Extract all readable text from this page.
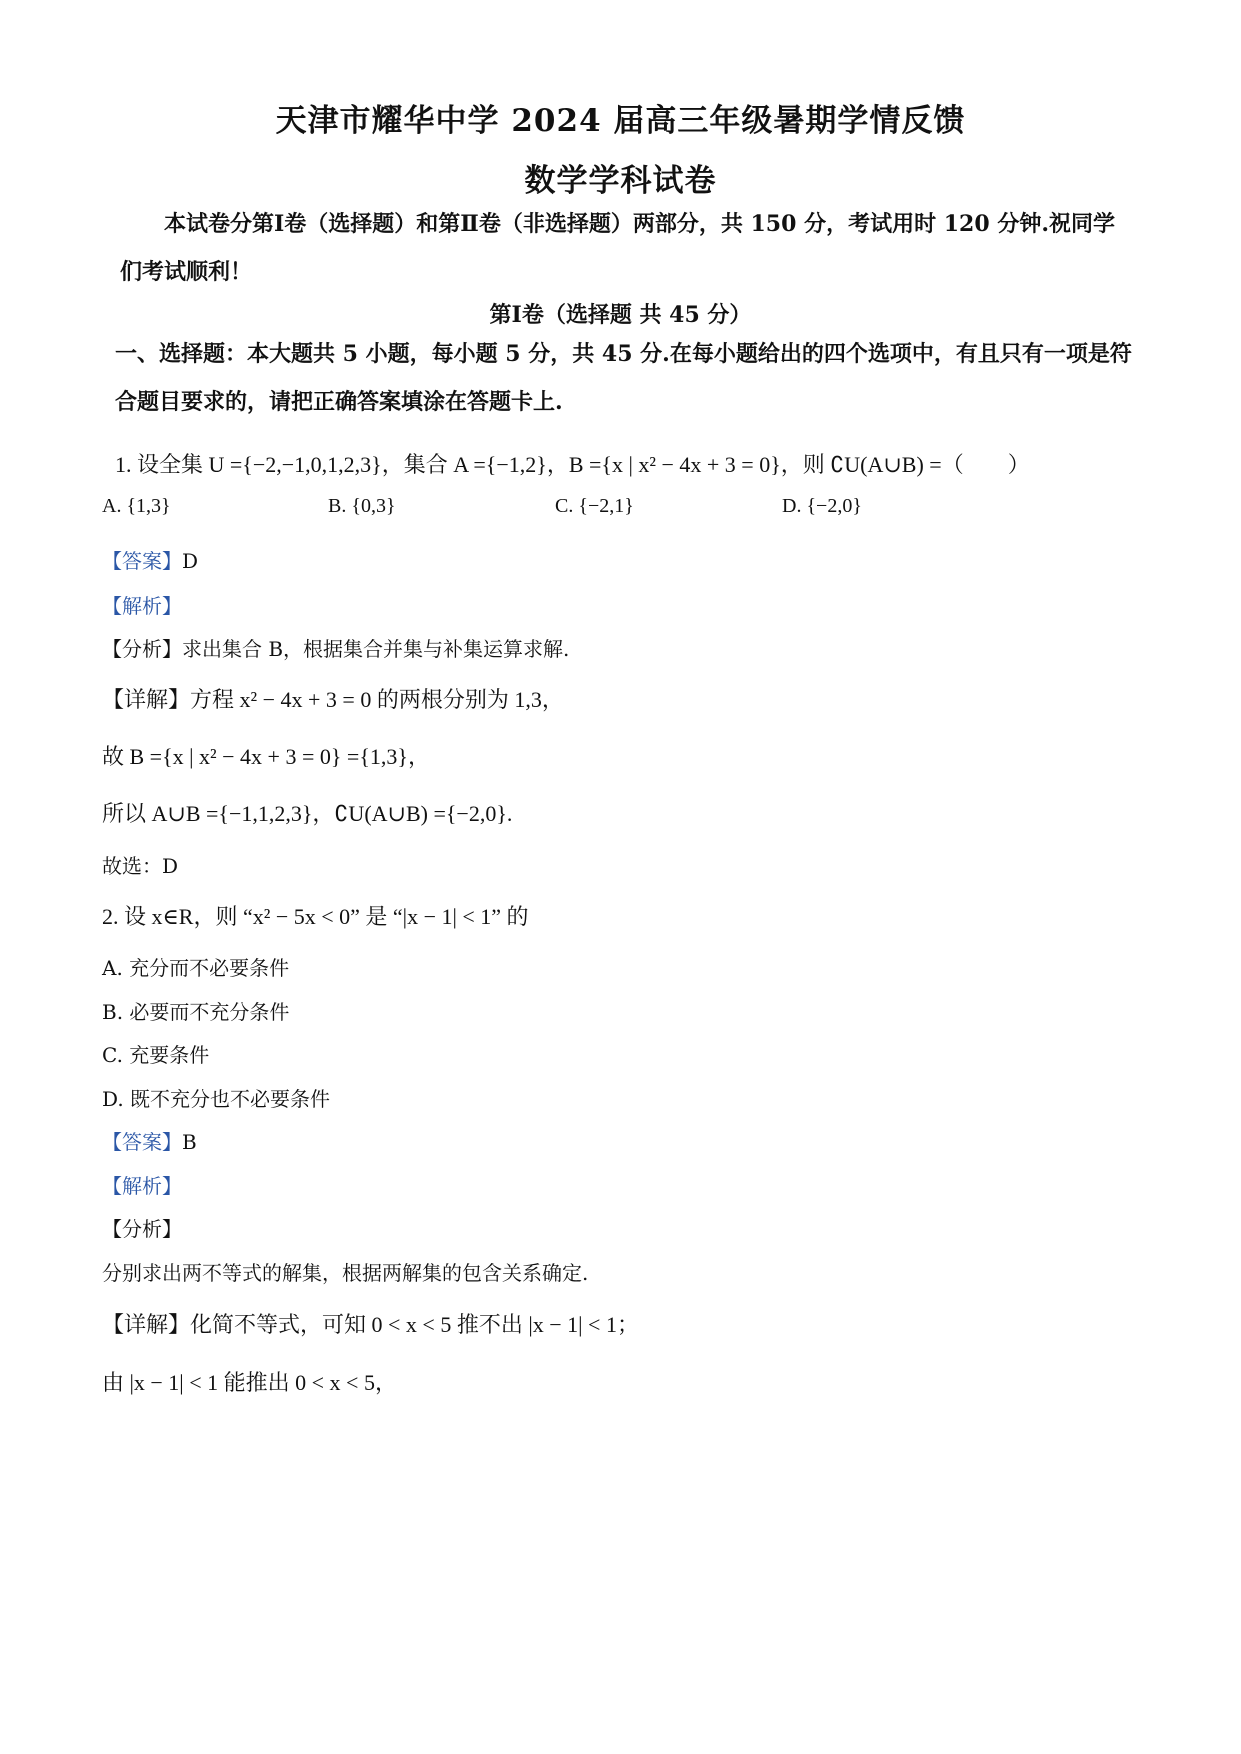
天津市耀华中学 2024 届高三年级暑期学情反馈
数学学科试卷
本试卷分第Ⅰ卷（选择题）和第Ⅱ卷（非选择题）两部分，共 150 分，考试用时 120 分钟.祝同学们考试顺利！
第Ⅰ卷（选择题 共 45 分）
一、选择题：本大题共 5 小题，每小题 5 分，共 45 分.在每小题给出的四个选项中，有且只有一项是符合题目要求的，请把正确答案填涂在答题卡上.
1. 设全集 U ={−2,−1,0,1,2,3}，集合 A ={−1,2}，B ={x | x² − 4x + 3 = 0}，则 ∁U(A∪B) =（　　）
A. {1,3}	B. {0,3}	C. {−2,1}	D. {−2,0}
【答案】D
【解析】
【分析】求出集合 B，根据集合并集与补集运算求解.
【详解】方程 x² − 4x + 3 = 0 的两根分别为 1,3，
故 B ={x | x² − 4x + 3 = 0} ={1,3}，
所以 A∪B ={−1,1,2,3}，∁U(A∪B) ={−2,0}.
故选：D
2. 设 x∈R，则 “x² − 5x < 0” 是 “|x − 1| < 1” 的
A. 充分而不必要条件
B. 必要而不充分条件
C. 充要条件
D. 既不充分也不必要条件
【答案】B
【解析】
【分析】
分别求出两不等式的解集，根据两解集的包含关系确定.
【详解】化简不等式，可知 0 < x < 5 推不出 |x − 1| < 1；
由 |x − 1| < 1 能推出 0 < x < 5，
